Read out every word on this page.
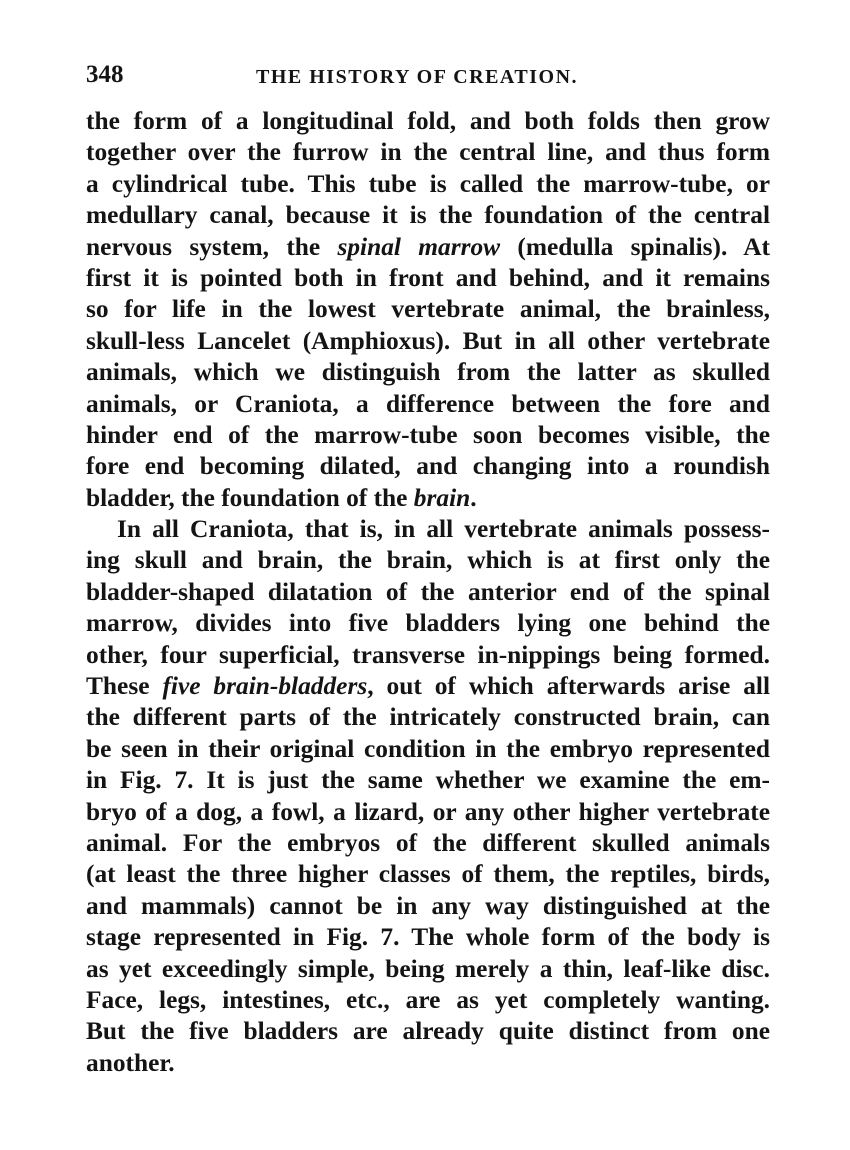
348	THE HISTORY OF CREATION.
the form of a longitudinal fold, and both folds then grow
together over the furrow in the central line, and thus form
a cylindrical tube. This tube is called the marrow-tube, or
medullary canal, because it is the foundation of the central
nervous system, the spinal marrow (medulla spinalis). At
first it is pointed both in front and behind, and it remains
so for life in the lowest vertebrate animal, the brainless,
skull-less Lancelet (Amphioxus). But in all other vertebrate
animals, which we distinguish from the latter as skulled
animals, or Craniota, a difference between the fore and
hinder end of the marrow-tube soon becomes visible, the
fore end becoming dilated, and changing into a roundish
bladder, the foundation of the brain.
In all Craniota, that is, in all vertebrate animals possess-
ing skull and brain, the brain, which is at first only the
bladder-shaped dilatation of the anterior end of the spinal
marrow, divides into five bladders lying one behind the
other, four superficial, transverse in-nippings being formed.
These five brain-bladders, out of which afterwards arise all
the different parts of the intricately constructed brain, can
be seen in their original condition in the embryo represented
in Fig. 7. It is just the same whether we examine the em-
bryo of a dog, a fowl, a lizard, or any other higher vertebrate
animal. For the embryos of the different skulled animals
(at least the three higher classes of them, the reptiles, birds,
and mammals) cannot be in any way distinguished at the
stage represented in Fig. 7. The whole form of the body is
as yet exceedingly simple, being merely a thin, leaf-like disc.
Face, legs, intestines, etc., are as yet completely wanting.
But the five bladders are already quite distinct from one
another.
